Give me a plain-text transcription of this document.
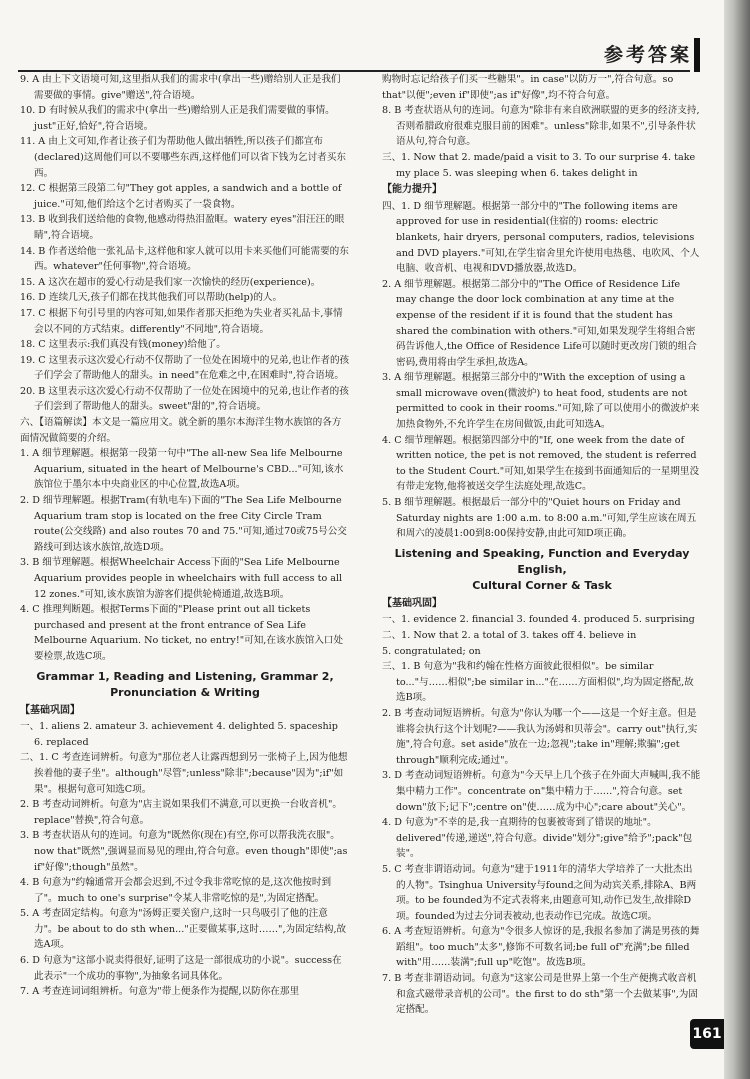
参考答案

9. A 由上下文语境可知,这里指从我们的需求中(拿出一些)赠给别人正是我们需要做的事情。give"赠送",符合语境。

10. D 有时候从我们的需求中(拿出一些)赠给别人正是我们需要做的事情。just"正好,恰好",符合语境。

11. A 由上文可知,作者让孩子们为帮助他人做出牺牲,所以孩子们都宣布(declared)这周他们可以不要哪些东西,这样他们可以省下钱为乞讨者买东西。

12. C 根据第三段第二句"They got apples, a sandwich and a bottle of juice."可知,他们给这个乞讨者购买了一袋食物。

13. B 收到我们送给他的食物,他感动得热泪盈眶。watery eyes"泪汪汪的眼睛",符合语境。

14. B 作者送给他一张礼品卡,这样他和家人就可以用卡来买他们可能需要的东西。whatever"任何事物",符合语境。

15. A 这次在超市的爱心行动是我们家一次愉快的经历(experience)。

16. D 连续几天,孩子们都在找其他我们可以帮助(help)的人。

17. C 根据下句引号里的内容可知,如果作者那天拒绝为失业者买礼品卡,事情会以不同的方式结束。differently"不同地",符合语境。

18. C 这里表示:我们真没有钱(money)给他了。

19. C 这里表示这次爱心行动不仅帮助了一位处在困境中的兄弟,也让作者的孩子们学会了帮助他人的甜头。in need"在危难之中,在困难时",符合语境。

20. B 这里表示这次爱心行动不仅帮助了一位处在困境中的兄弟,也让作者的孩子们尝到了帮助他人的甜头。sweet"甜的",符合语境。

六、【语篇解读】本文是一篇应用文。就全新的墨尔本海洋生物水族馆的各方面情况做简要的介绍。

1. A 细节理解题。根据第一段第一句中"The all-new Sea life Melbourne Aquarium, situated in the heart of Melbourne's CBD..."可知,该水族馆位于墨尔本中央商业区的中心位置,故选A项。

2. D 细节理解题。根据Tram(有轨电车)下面的"The Sea Life Melbourne Aquarium tram stop is located on the free City Circle Tram route(公交线路) and also routes 70 and 75."可知,通过70或75号公交路线可到达该水族馆,故选D项。

3. B 细节理解题。根据Wheelchair Access下面的"Sea Life Melbourne Aquarium provides people in wheelchairs with full access to all 12 zones."可知,该水族馆为游客们提供轮椅通道,故选B项。

4. C 推理判断题。根据Terms下面的"Please print out all tickets purchased and present at the front entrance of Sea Life Melbourne Aquarium. No ticket, no entry!"可知,在该水族馆入口处要检票,故选C项。

Grammar 1, Reading and Listening, Grammar 2,
Pronunciation & Writing
【基础巩固】

一、1. aliens 2. amateur 3. achievement 4. delighted 5. spaceship 6. replaced

二、1. C 考查连词辨析。句意为"那位老人让露西想到另一张椅子上,因为他想挨着他的妻子坐"。although"尽管";unless"除非";because"因为";if"如果"。根据句意可知选C项。

2. B 考查动词辨析。句意为"店主说如果我们不满意,可以更换一台收音机"。replace"替换",符合句意。

3. B 考查状语从句的连词。句意为"既然你(现在)有空,你可以帮我洗衣服"。now that"既然",强调显而易见的理由,符合句意。even though"即使";as if"好像";though"虽然"。

4. B 句意为"约翰通常开会都会迟到,不过令我非常吃惊的是,这次他按时到了"。much to one's surprise"令某人非常吃惊的是",为固定搭配。

5. A 考查固定结构。句意为"汤姆正要关窗户,这时一只鸟吸引了他的注意力"。be about to do sth when..."正要做某事,这时……",为固定结构,故选A项。

6. D 句意为"这部小说卖得很好,证明了这是一部很成功的小说"。success在此表示"一个成功的事物",为抽象名词具体化。

7. A 考查连词词组辨析。句意为"带上便条作为提醒,以防你在那里

购物时忘记给孩子们买一些糖果"。in case"以防万一",符合句意。so that"以便";even if"即使";as if"好像",均不符合句意。

8. B 考查状语从句的连词。句意为"除非有来自欧洲联盟的更多的经济支持,否则希腊政府很难克服目前的困难"。unless"除非,如果不",引导条件状语从句,符合句意。

三、1. Now that 2. made/paid a visit to 3. To our surprise 4. take my place 5. was sleeping when 6. takes delight in

【能力提升】

四、1. D 细节理解题。根据第一部分中的"The following items are approved for use in residential(住宿的) rooms: electric blankets, hair dryers, personal computers, radios, televisions and DVD players."可知,在学生宿舍里允许使用电热毯、电吹风、个人电脑、收音机、电视和DVD播放器,故选D。

2. A 细节理解题。根据第二部分中的"The Office of Residence Life may change the door lock combination at any time at the expense of the resident if it is found that the student has shared the combination with others."可知,如果发现学生将组合密码告诉他人,the Office of Residence Life可以随时更改房门锁的组合密码,费用将由学生承担,故选A。

3. A 细节理解题。根据第三部分中的"With the exception of using a small microwave oven(微波炉) to heat food, students are not permitted to cook in their rooms."可知,除了可以使用小的微波炉来加热食物外,不允许学生在房间做饭,由此可知选A。

4. C 细节理解题。根据第四部分中的"If, one week from the date of written notice, the pet is not removed, the student is referred to the Student Court."可知,如果学生在接到书面通知后的一星期里没有带走宠物,他将被送交学生法庭处理,故选C。

5. B 细节理解题。根据最后一部分中的"Quiet hours on Friday and Saturday nights are 1:00 a.m. to 8:00 a.m."可知,学生应该在周五和周六的凌晨1:00到8:00保持安静,由此可知D项正确。

Listening and Speaking, Function and Everyday English,
Cultural Corner & Task
【基础巩固】

一、1. evidence 2. financial 3. founded 4. produced 5. surprising

二、1. Now that 2. a total of 3. takes off 4. believe in

5. congratulated; on

三、1. B 句意为"我和约翰在性格方面彼此很相似"。be similar to..."与……相似";be similar in..."在……方面相似",均为固定搭配,故选B项。

2. B 考查动词短语辨析。句意为"你认为哪一个——这是一个好主意。但是谁将会执行这个计划呢?——我认为汤姆和贝蒂会"。carry out"执行,实施",符合句意。set aside"放在一边;忽视";take in"理解;欺骗";get through"顺利完成;通过"。

3. D 考查动词短语辨析。句意为"今天早上几个孩子在外面大声喊叫,我不能集中精力工作"。concentrate on"集中精力于……",符合句意。set down"放下;记下";centre on"使……成为中心";care about"关心"。

4. D 句意为"不幸的是,我一直期待的包裹被寄到了错误的地址"。delivered"传递,递送",符合句意。divide"划分";give"给予";pack"包装"。

5. C 考查非谓语动词。句意为"建于1911年的清华大学培养了一大批杰出的人物"。Tsinghua University与found之间为动宾关系,排除A、B两项。to be founded为不定式表将来,由题意可知,动作已发生,故排除D项。founded为过去分词表被动,也表动作已完成。故选C项。

6. A 考查短语辨析。句意为"令很多人惊讶的是,我报名参加了满是男孩的舞蹈组"。too much"太多",修饰不可数名词;be full of"充满";be filled with"用……装满";full up"吃饱"。故选B项。

7. B 考查非谓语动词。句意为"这家公司是世界上第一个生产便携式收音机和盒式磁带录音机的公司"。the first to do sth"第一个去做某事",为固定搭配。

161
